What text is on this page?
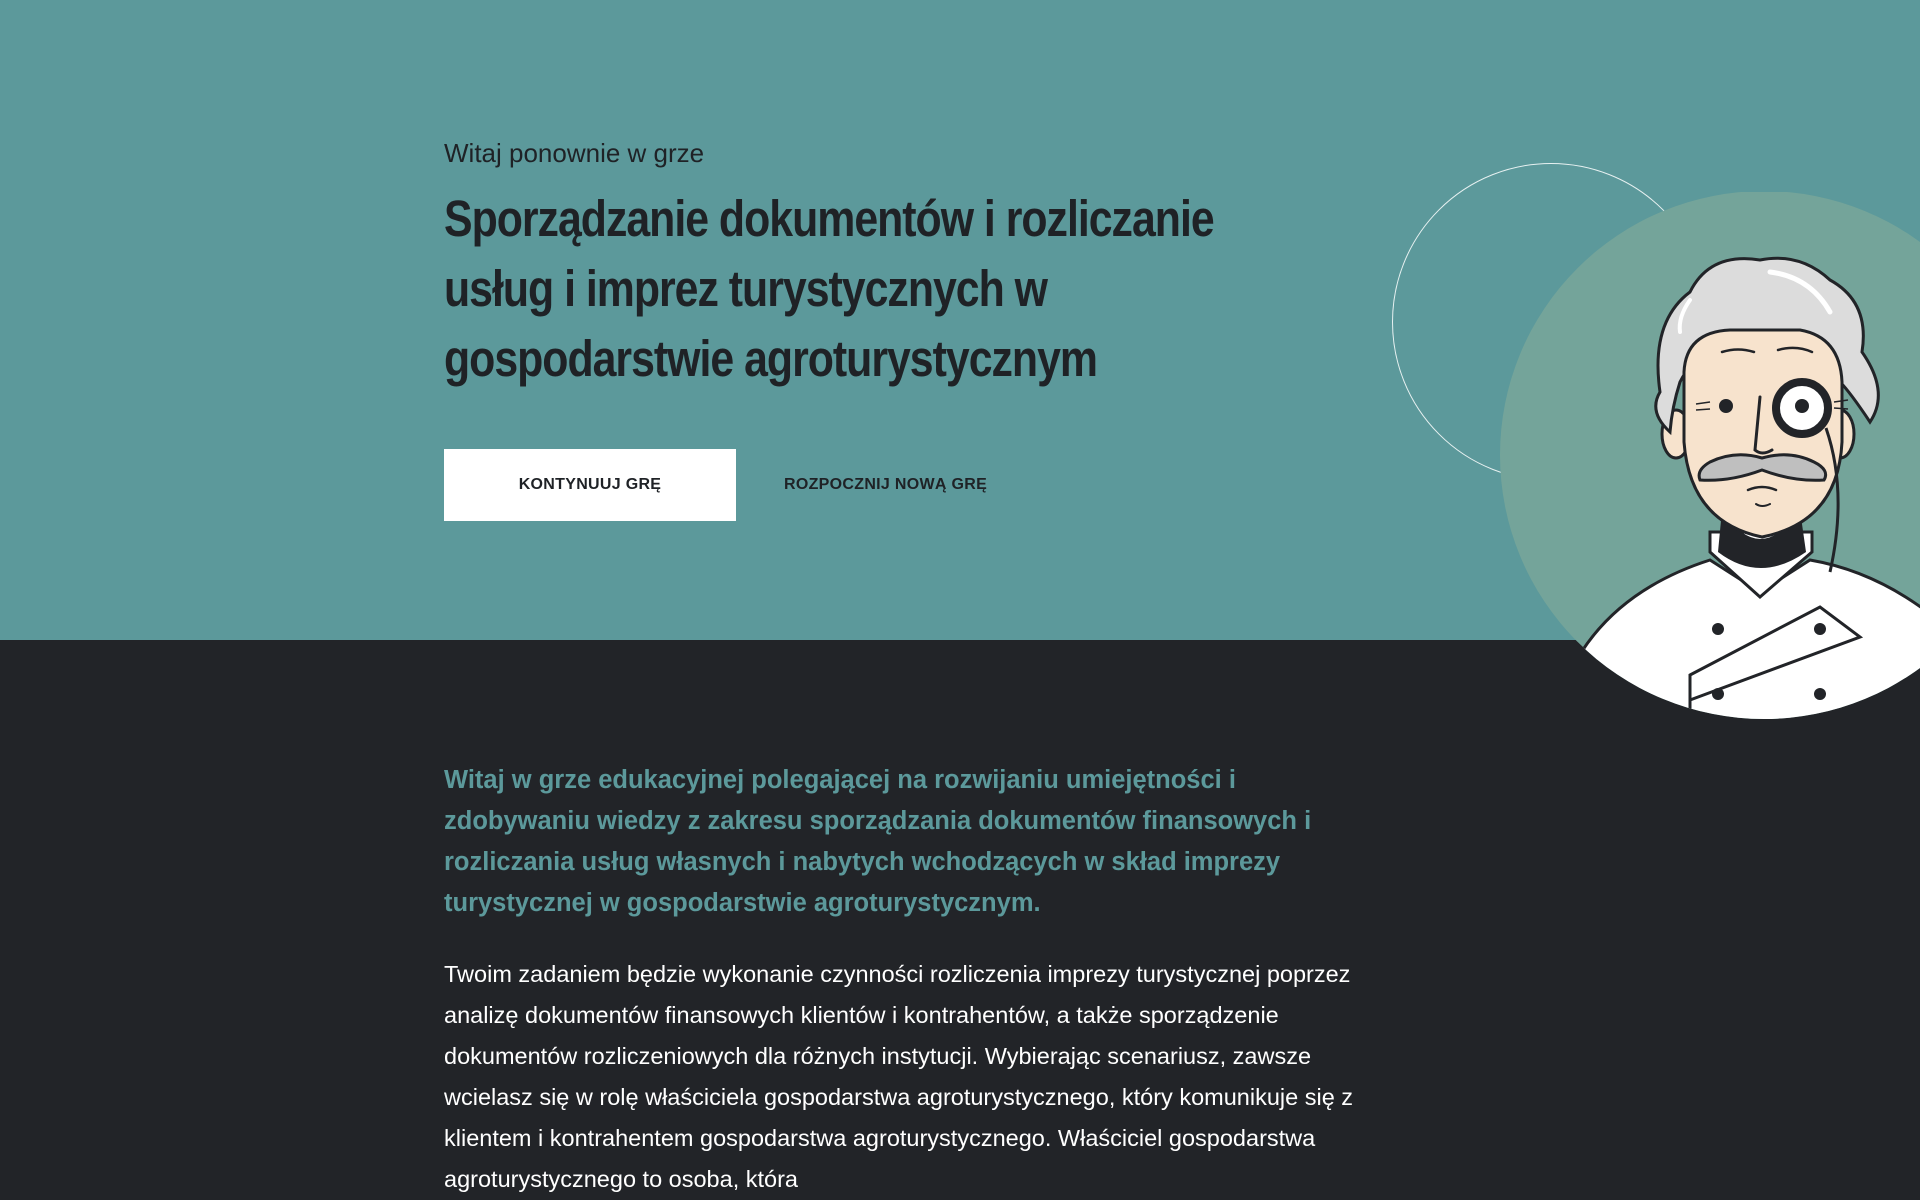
Witaj ponownie w grze

Sporządzanie dokumentów i rozliczanie usług i imprez turystycznych w gospodarstwie agroturystycznym
KONTYNUUJ GRĘ	ROZPOCZNIJ NOWĄ GRĘ

Witaj w grze edukacyjnej polegającej na rozwijaniu umiejętności i zdobywaniu wiedzy z zakresu sporządzania dokumentów finansowych i rozliczania usług własnych i nabytych wchodzących w skład imprezy turystycznej w gospodarstwie agroturystycznym.

Twoim zadaniem będzie wykonanie czynności rozliczenia imprezy turystycznej poprzez analizę dokumentów finansowych klientów i kontrahentów, a także sporządzenie dokumentów rozliczeniowych dla różnych instytucji. Wybierając scenariusz, zawsze wcielasz się w rolę właściciela gospodarstwa agroturystycznego, który komunikuje się z klientem i kontrahentem gospodarstwa agroturystycznego. Właściciel gospodarstwa agroturystycznego to osoba, która
